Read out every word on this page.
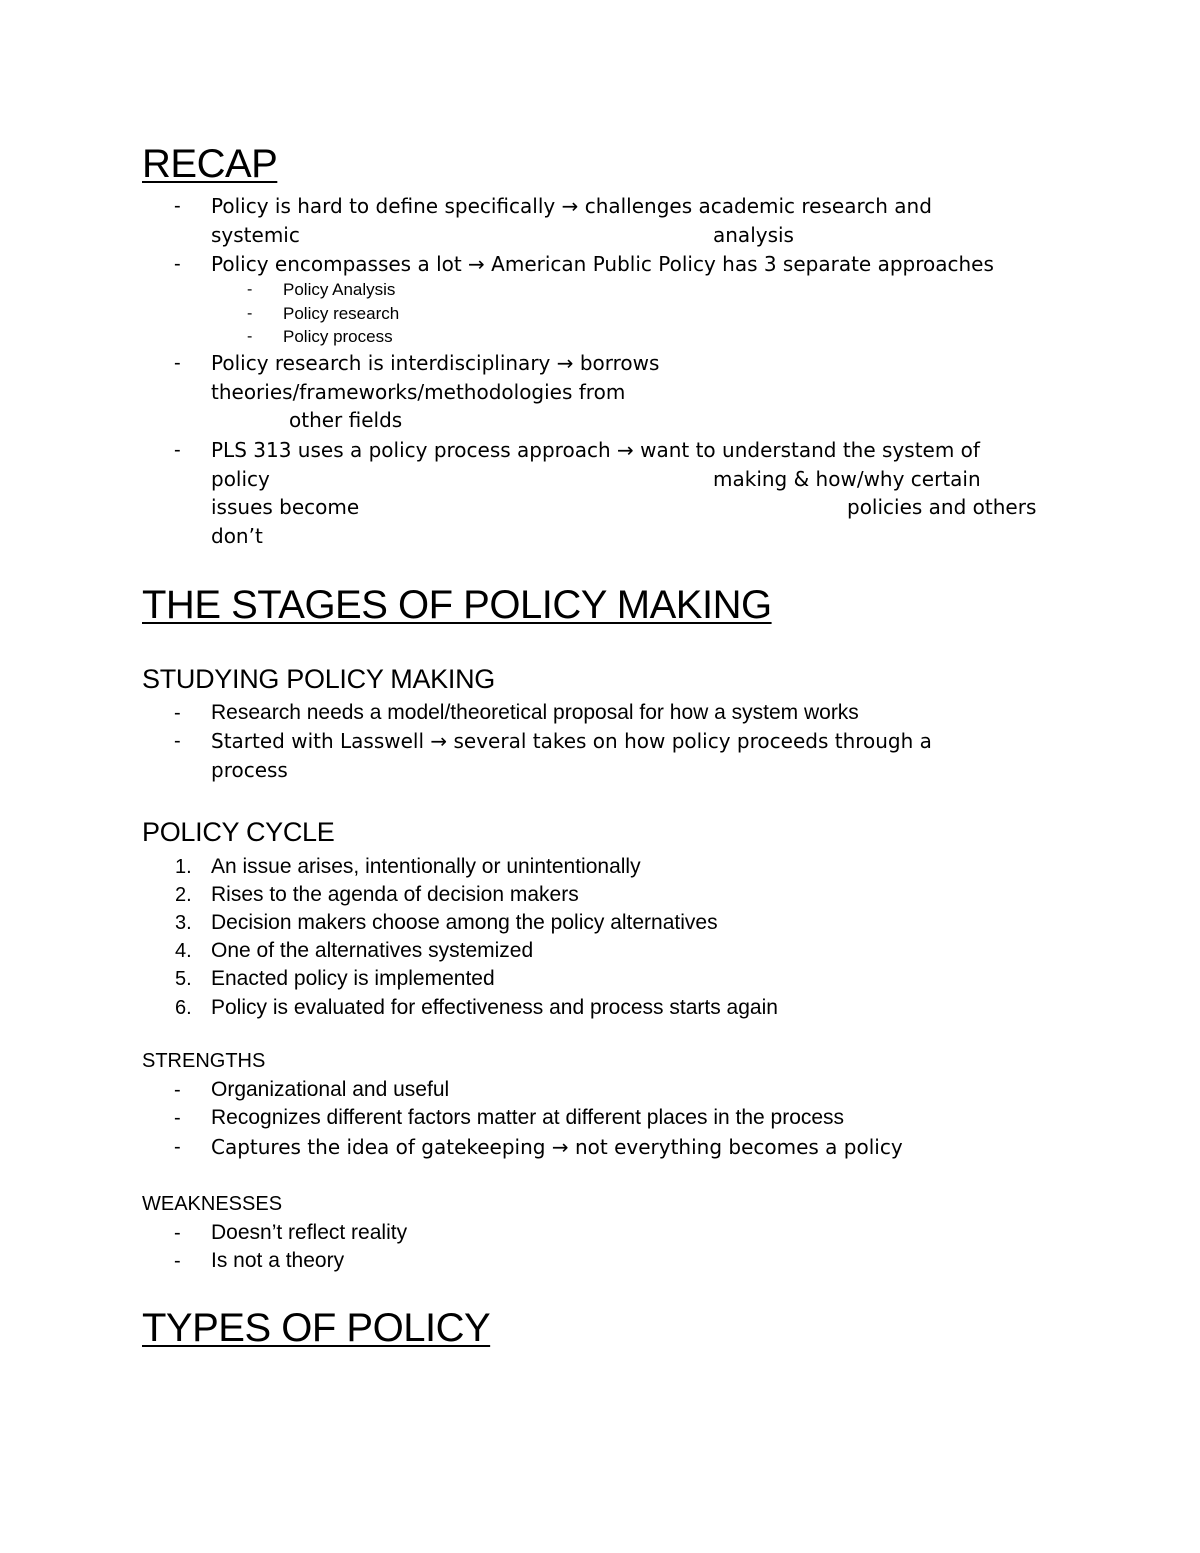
RECAP
- Policy is hard to define specifically → challenges academic research and
systemic	analysis
- Policy encompasses a lot → American Public Policy has 3 separate approaches
- Policy Analysis
- Policy research
- Policy process
- Policy research is interdisciplinary → borrows
theories/frameworks/methodologies from
other fields
- PLS 313 uses a policy process approach → want to understand the system of
policy	making & how/why certain
issues become	policies and others
don’t
THE STAGES OF POLICY MAKING
STUDYING POLICY MAKING
- Research needs a model/theoretical proposal for how a system works
- Started with Lasswell → several takes on how policy proceeds through a
process
POLICY CYCLE
1. An issue arises, intentionally or unintentionally
2. Rises to the agenda of decision makers
3. Decision makers choose among the policy alternatives
4. One of the alternatives systemized
5. Enacted policy is implemented
6. Policy is evaluated for effectiveness and process starts again
STRENGTHS
- Organizational and useful
- Recognizes different factors matter at different places in the process
- Captures the idea of gatekeeping → not everything becomes a policy
WEAKNESSES
- Doesn’t reflect reality
- Is not a theory
TYPES OF POLICY
